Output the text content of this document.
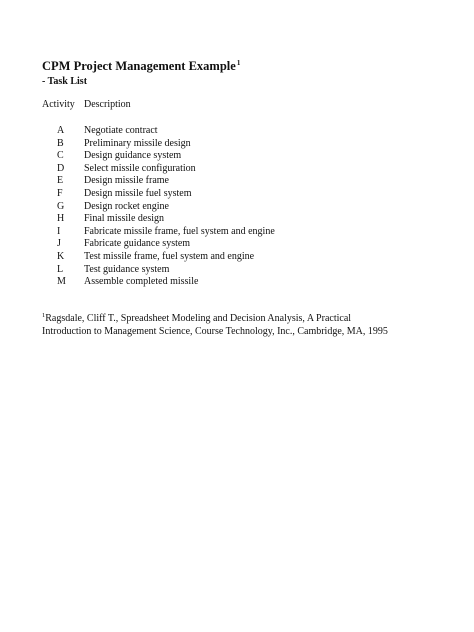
CPM Project Management Example$^1$
- Task List
Activity Description
A Negotiate contract
B Preliminary missile design
C Design guidance system
D Select missile configuration
E Design missile frame
F Design missile fuel system
G Design rocket engine
H Final missile design
I Fabricate missile frame, fuel system and engine
J Fabricate guidance system
K Test missile frame, fuel system and engine
L Test guidance system
M Assemble completed missile
$^1$Ragsdale, Cliff T., Spreadsheet Modeling and Decision Analysis, A Practical
Introduction to Management Science, Course Technology, Inc., Cambridge, MA, 1995
